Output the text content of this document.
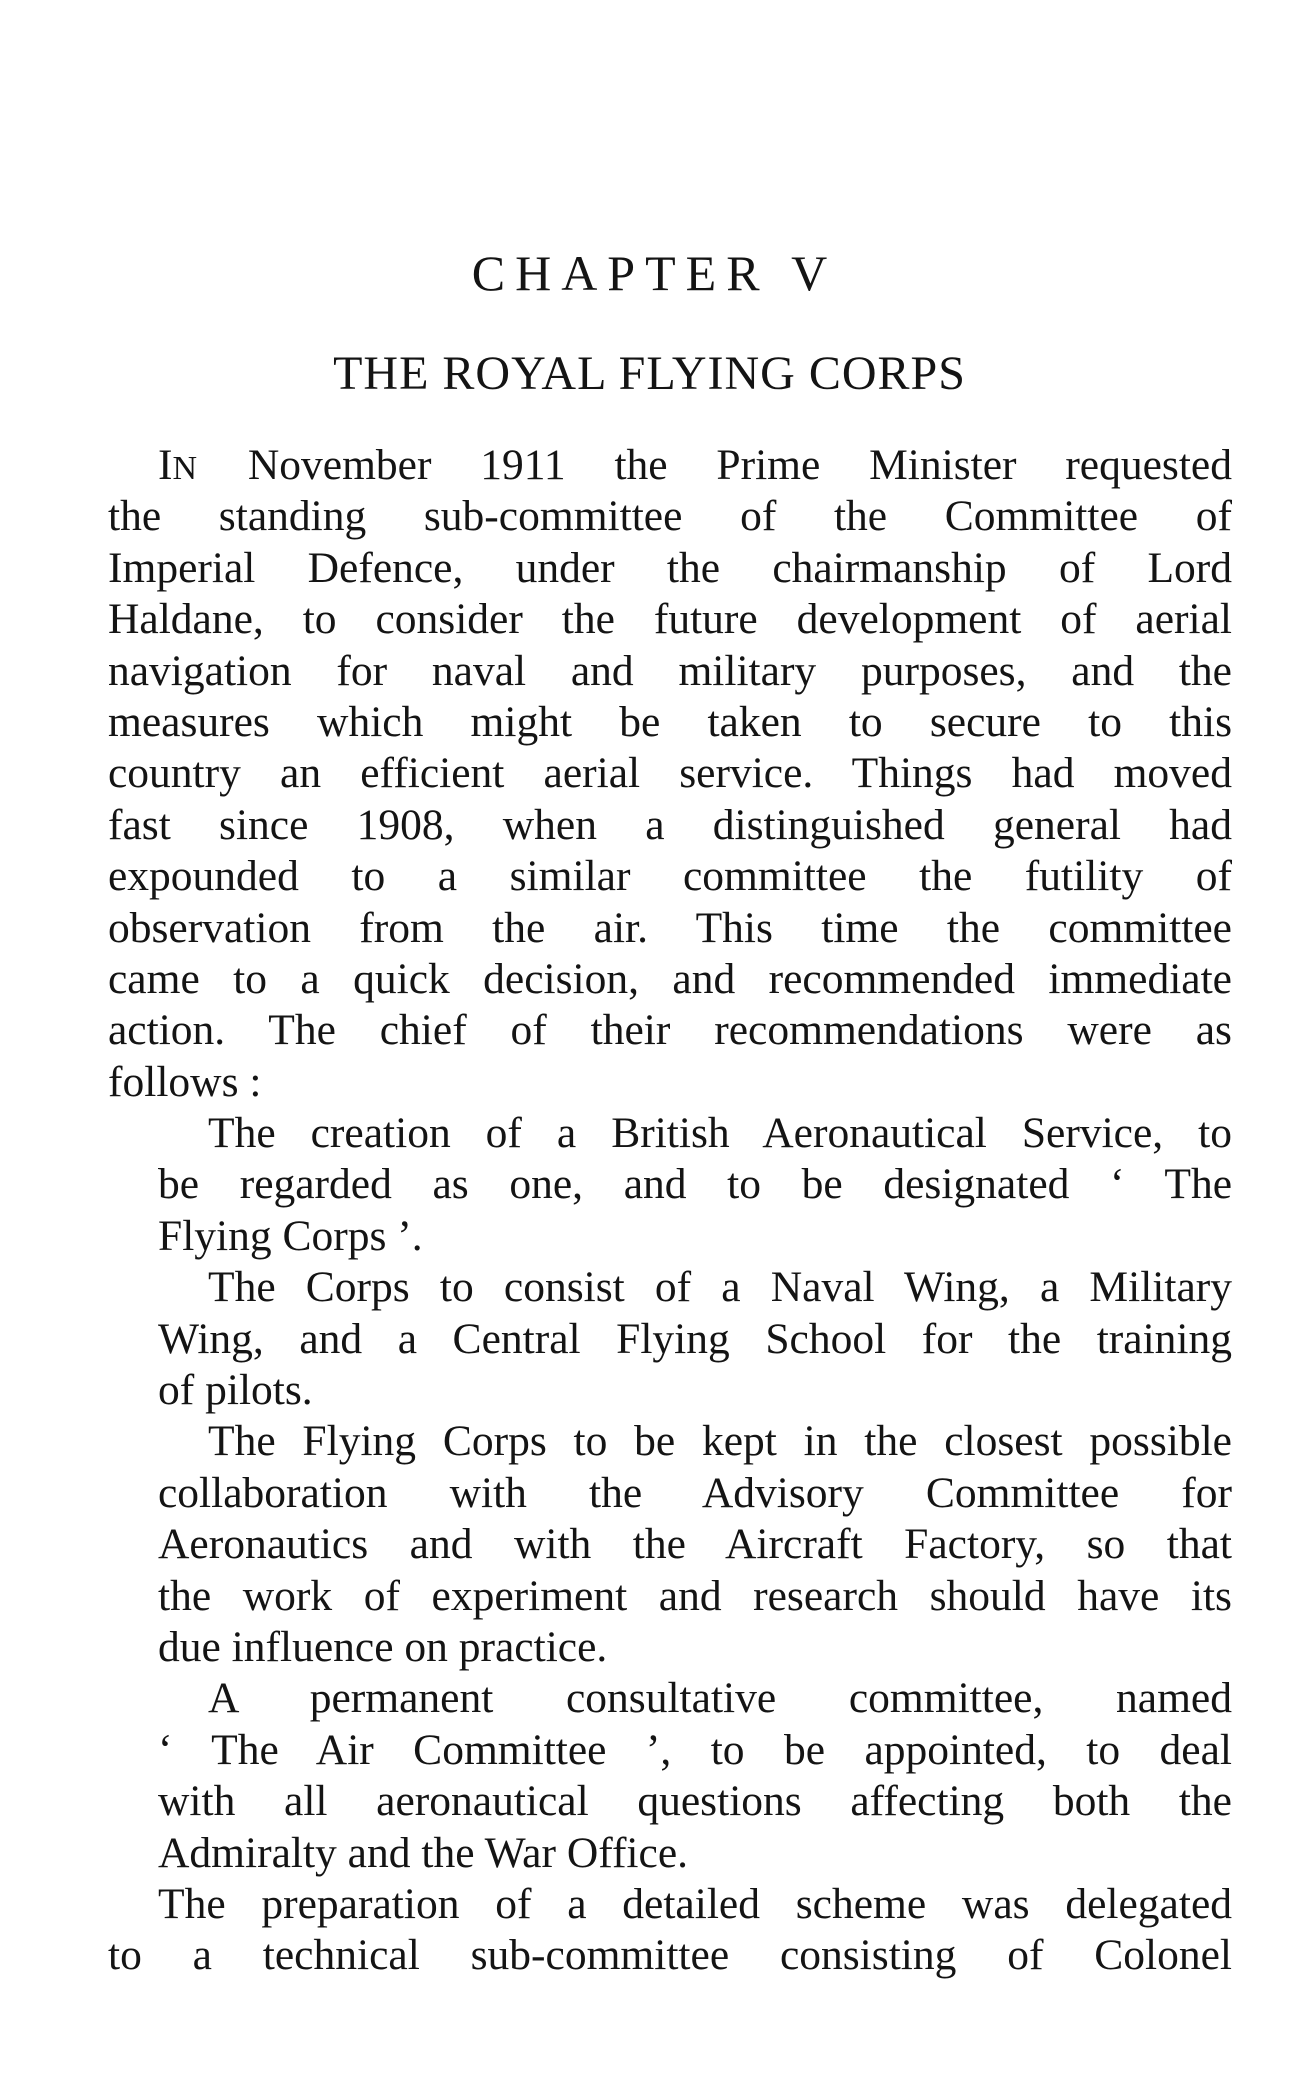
CHAPTER V
THE ROYAL FLYING CORPS
IN November 1911 the Prime Minister requested
the standing sub-committee of the Committee of
Imperial Defence, under the chairmanship of Lord
Haldane, to consider the future development of aerial
navigation for naval and military purposes, and the
measures which might be taken to secure to this
country an efficient aerial service. Things had moved
fast since 1908, when a distinguished general had
expounded to a similar committee the futility of
observation from the air. This time the committee
came to a quick decision, and recommended immediate
action. The chief of their recommendations were as
follows :
The creation of a British Aeronautical Service, to
be regarded as one, and to be designated ‘ The
Flying Corps ’.
The Corps to consist of a Naval Wing, a Military
Wing, and a Central Flying School for the training
of pilots.
The Flying Corps to be kept in the closest possible
collaboration with the Advisory Committee for
Aeronautics and with the Aircraft Factory, so that
the work of experiment and research should have its
due influence on practice.
A permanent consultative committee, named
‘ The Air Committee ’, to be appointed, to deal
with all aeronautical questions affecting both the
Admiralty and the War Office.
The preparation of a detailed scheme was delegated
to a technical sub-committee consisting of Colonel
